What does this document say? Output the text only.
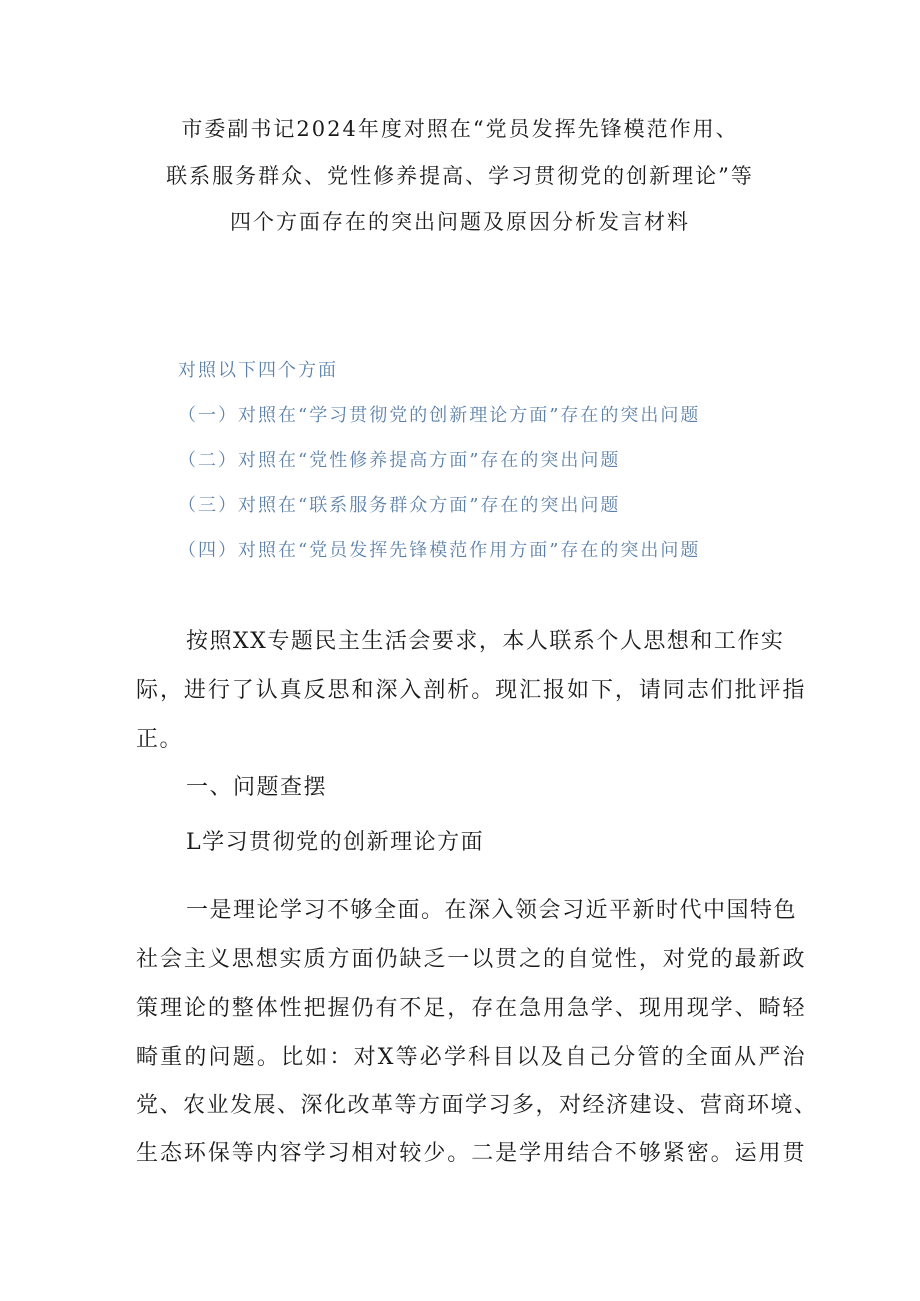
市委副书记2024年度对照在“党员发挥先锋模范作用、
联系服务群众、党性修养提高、学习贯彻党的创新理论”等
四个方面存在的突出问题及原因分析发言材料
对照以下四个方面
（一）对照在“学习贯彻党的创新理论方面”存在的突出问题
（二）对照在“党性修养提高方面”存在的突出问题
（三）对照在“联系服务群众方面”存在的突出问题
（四）对照在“党员发挥先锋模范作用方面”存在的突出问题
按照XX专题民主生活会要求，本人联系个人思想和工作实
际，进行了认真反思和深入剖析。现汇报如下，请同志们批评指
正。
一、问题查摆
L学习贯彻党的创新理论方面
一是理论学习不够全面。在深入领会习近平新时代中国特色
社会主义思想实质方面仍缺乏一以贯之的自觉性，对党的最新政
策理论的整体性把握仍有不足，存在急用急学、现用现学、畸轻
畸重的问题。比如：对X等必学科目以及自己分管的全面从严治
党、农业发展、深化改革等方面学习多，对经济建设、营商环境、
生态环保等内容学习相对较少。二是学用结合不够紧密。运用贯
